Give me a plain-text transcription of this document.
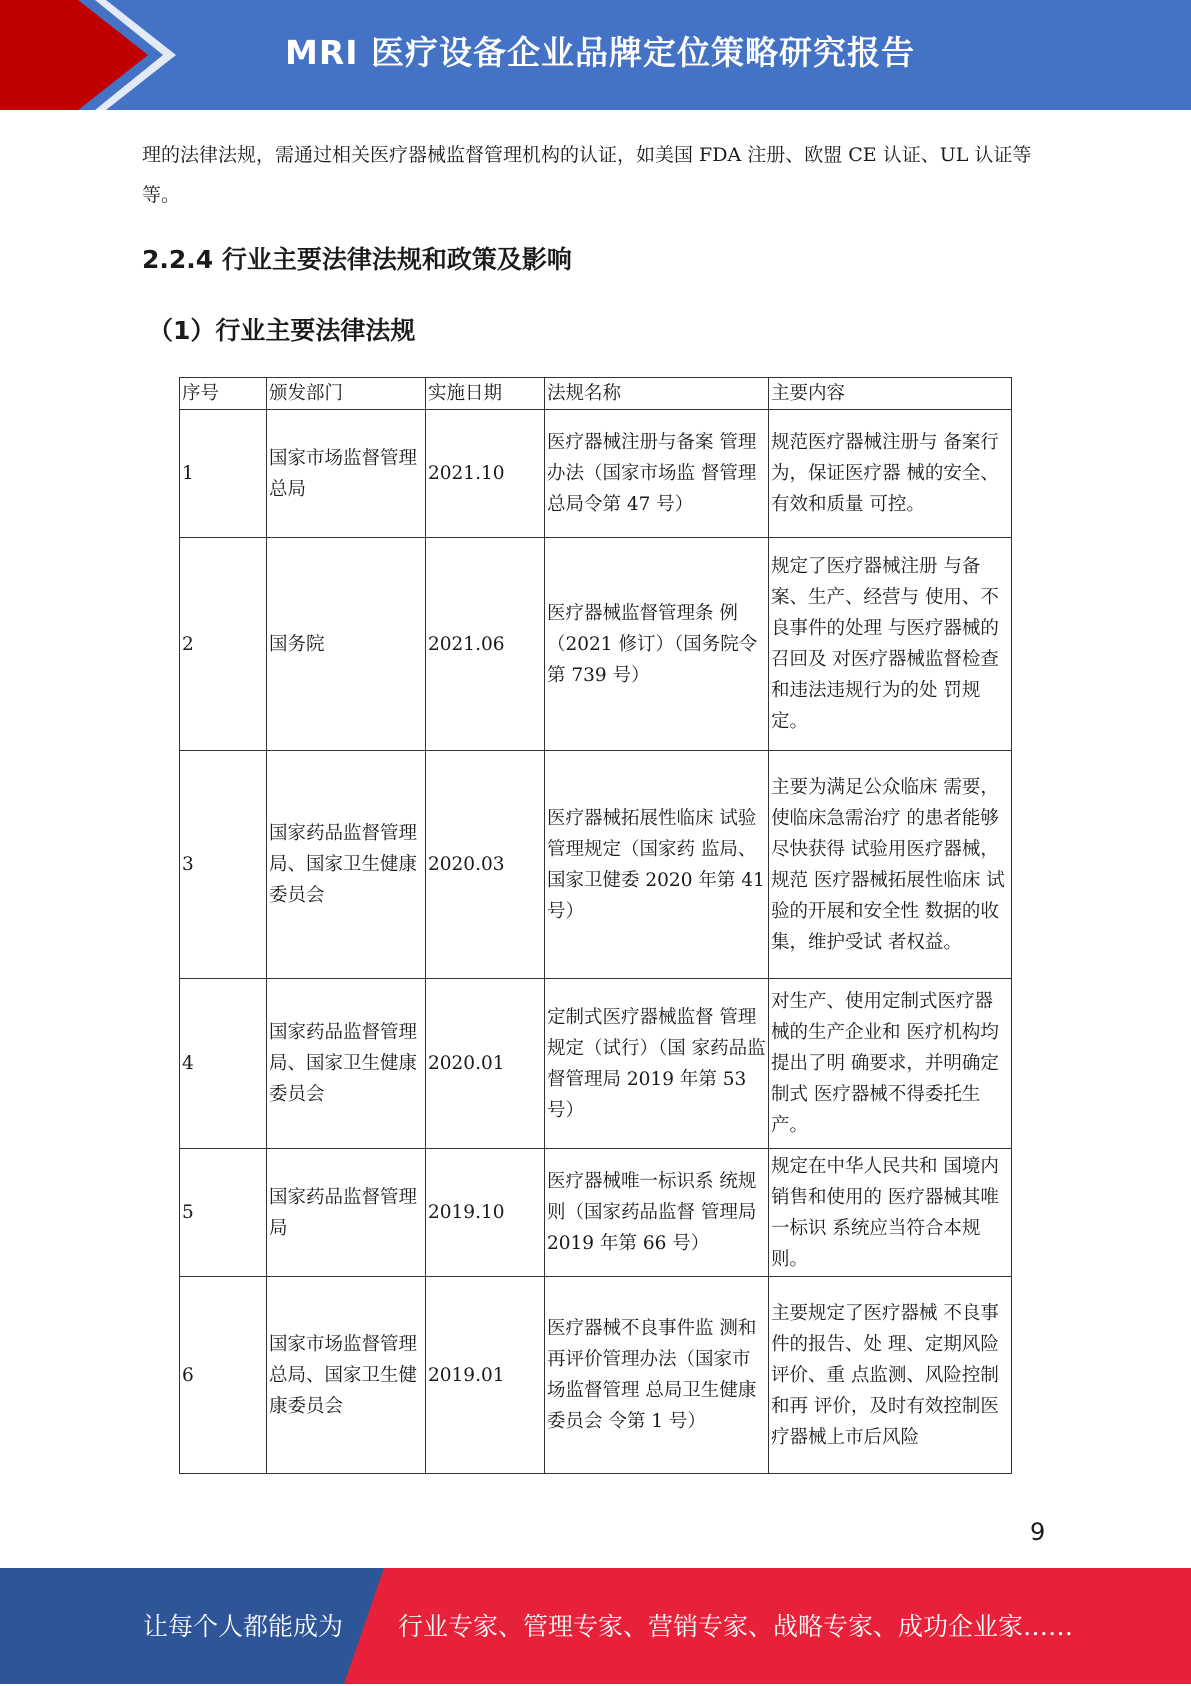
MRI 医疗设备企业品牌定位策略研究报告
理的法律法规，需通过相关医疗器械监督管理机构的认证，如美国 FDA 注册、欧盟 CE 认证、UL 认证等等。
2.2.4 行业主要法律法规和政策及影响
（1）行业主要法律法规
序号	颁发部门	实施日期	法规名称	主要内容
1	国家市场监督管理总局	2021.10	医疗器械注册与备案 管理办法（国家市场监 督管理总局令第 47 号）	规范医疗器械注册与 备案行为，保证医疗器 械的安全、有效和质量 可控。
2	国务院	2021.06	医疗器械监督管理条 例（2021 修订）（国务院令第 739 号）	规定了医疗器械注册 与备案、生产、经营与 使用、不良事件的处理 与医疗器械的召回及 对医疗器械监督检查 和违法违规行为的处 罚规定。
3	国家药品监督管理局、国家卫生健康委员会	2020.03	医疗器械拓展性临床 试验管理规定（国家药 监局、国家卫健委 2020 年第 41 号）	主要为满足公众临床 需要，使临床急需治疗 的患者能够尽快获得 试验用医疗器械，规范 医疗器械拓展性临床 试验的开展和安全性 数据的收集，维护受试 者权益。
4	国家药品监督管理局、国家卫生健康委员会	2020.01	定制式医疗器械监督 管理规定（试行）（国 家药品监督管理局 2019 年第 53 号）	对生产、使用定制式医疗器械的生产企业和 医疗机构均提出了明 确要求，并明确定制式 医疗器械不得委托生 产。
5	国家药品监督管理局	2019.10	医疗器械唯一标识系 统规则（国家药品监督 管理局 2019 年第 66 号）	规定在中华人民共和 国境内销售和使用的 医疗器械其唯一标识 系统应当符合本规则。
6	国家市场监督管理总局、国家卫生健康委员会	2019.01	医疗器械不良事件监 测和再评价管理办法（国家市场监督管理 总局卫生健康委员会 令第 1 号）	主要规定了医疗器械 不良事件的报告、处 理、定期风险评价、重 点监测、风险控制和再 评价，及时有效控制医 疗器械上市后风险
9
让每个人都能成为 行业专家、管理专家、营销专家、战略专家、成功企业家……
